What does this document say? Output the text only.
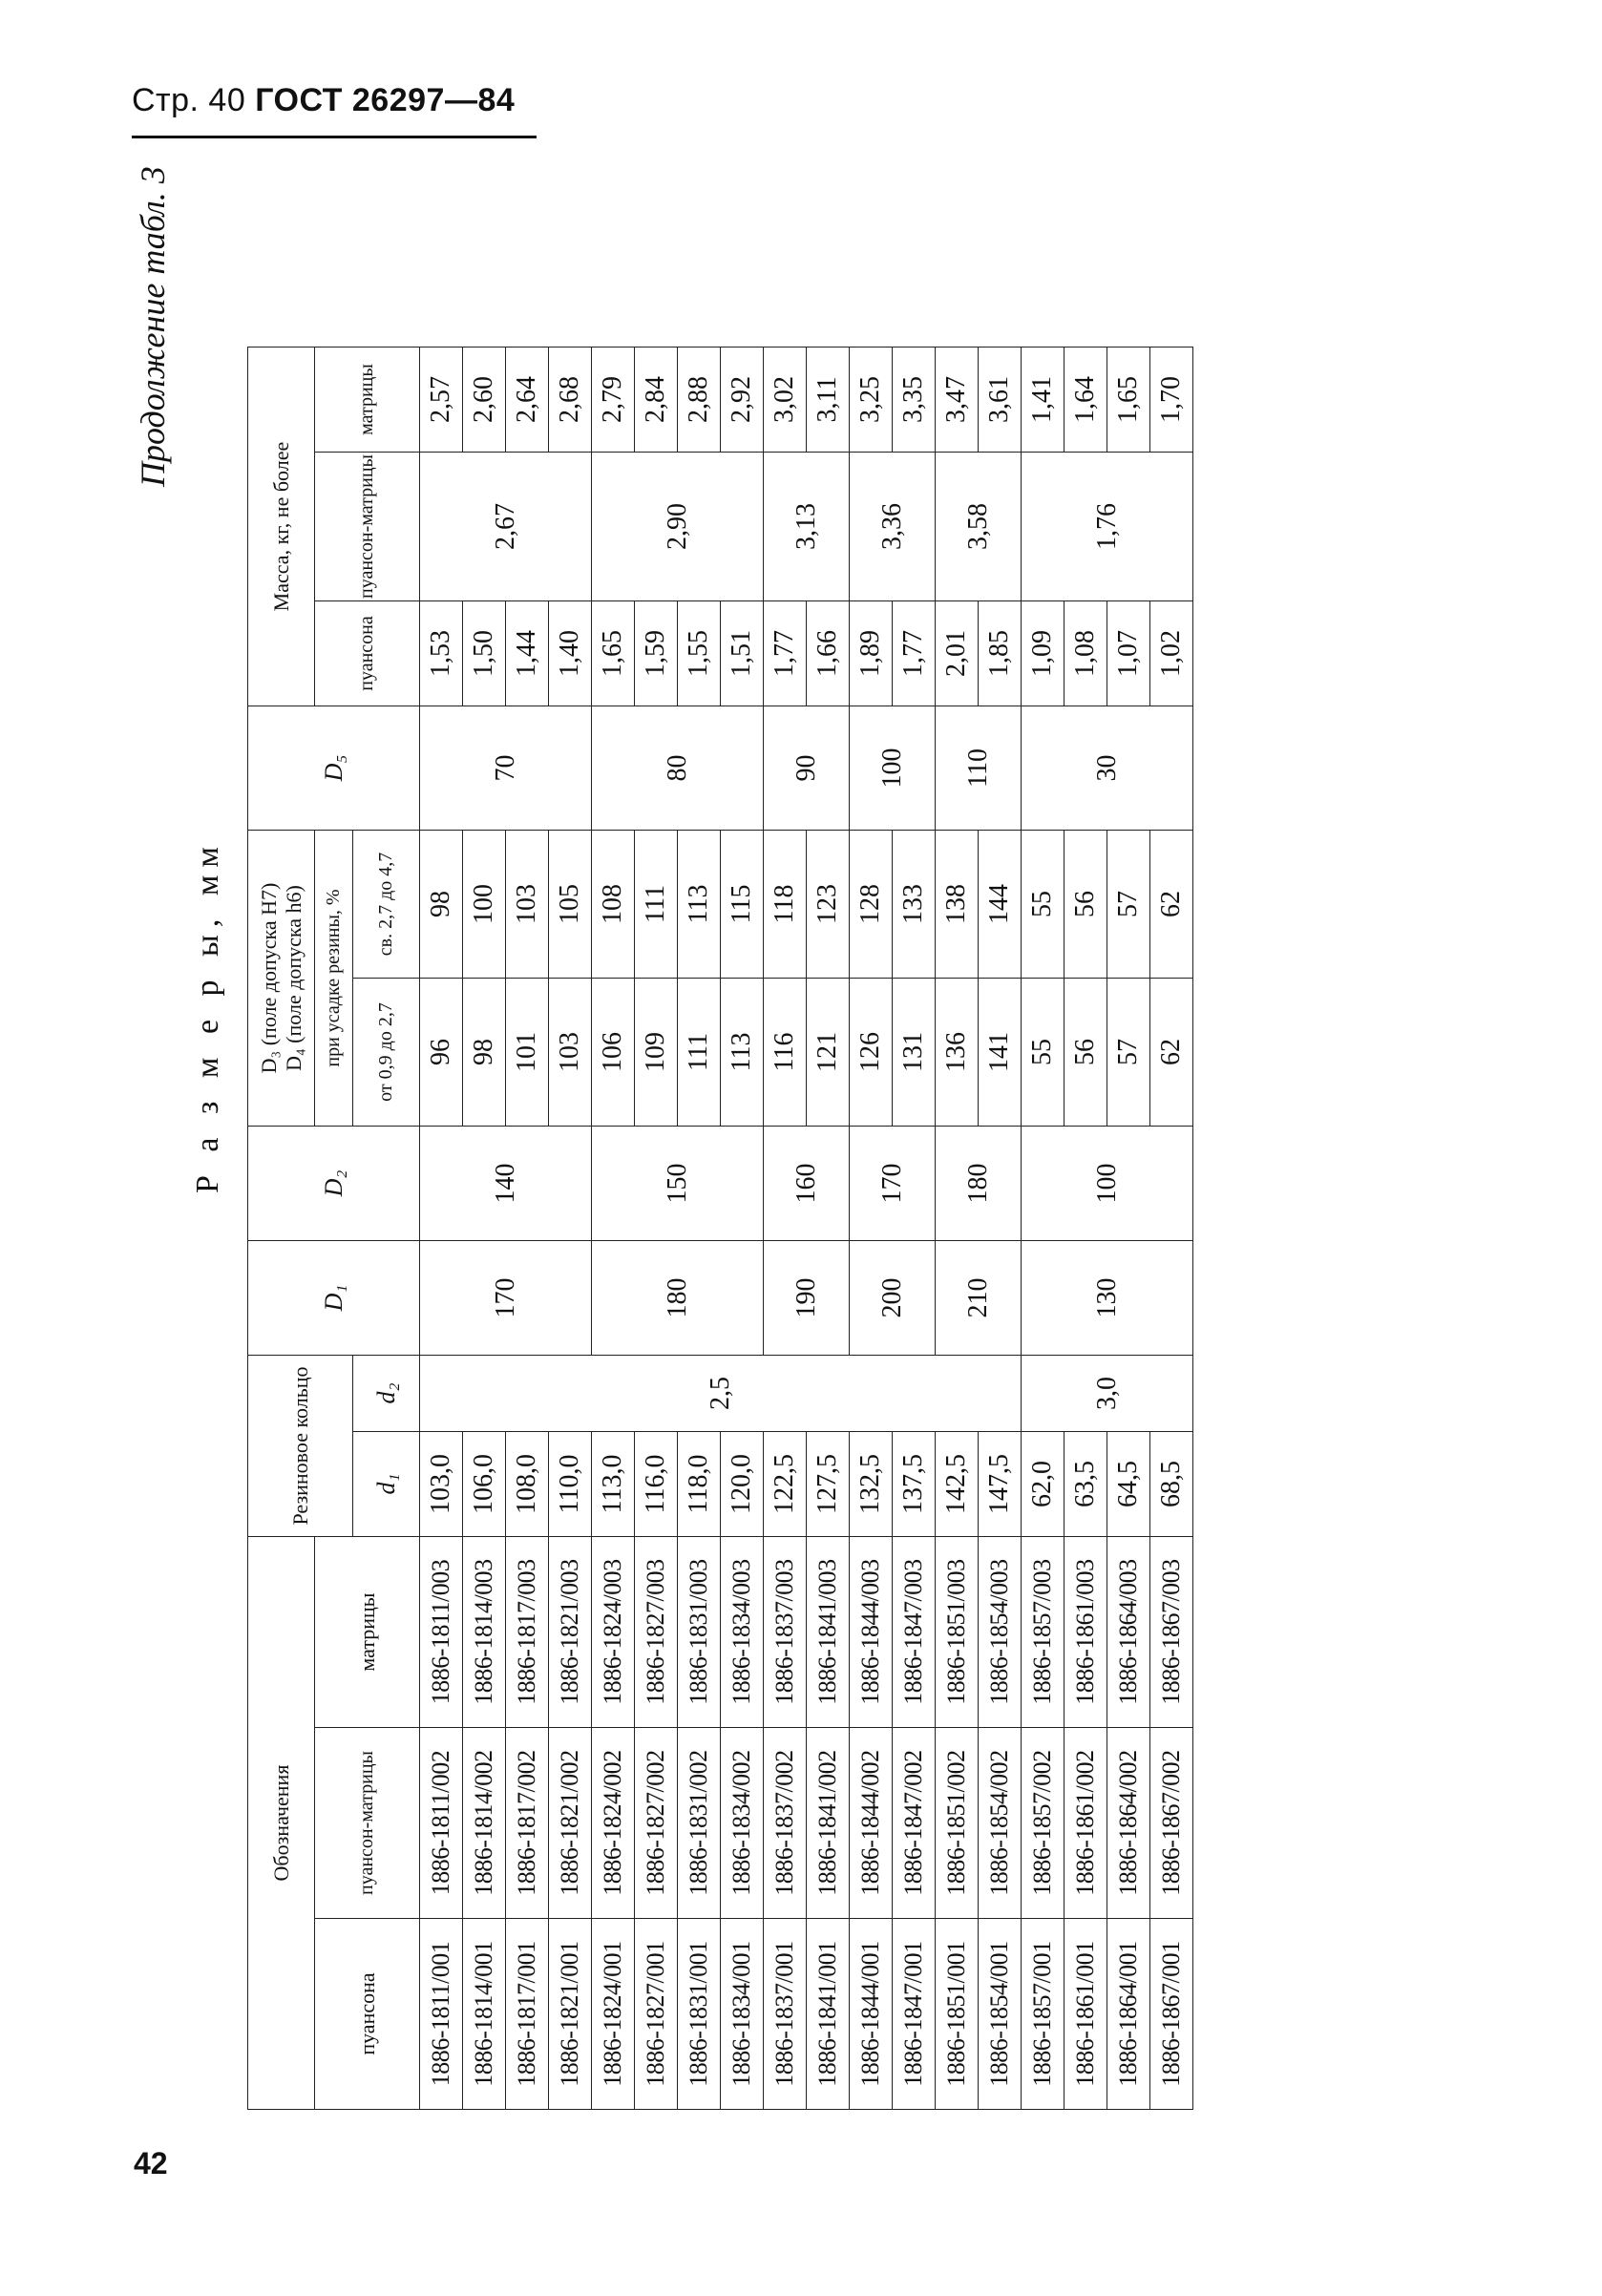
Стр. 40 ГОСТ 26297—84
42
Продолжение табл. 3
Р а з м е р ы, мм
Обозначения			Резиновое кольцо		D₁	D₂	D₃ (поле допуска H7) D₄ (поле допуска h6)		D₅	Масса, кг, не более		
пуансона	пуансон-матрицы	матрицы					при усадке резины, %			пуансона	пуансон-матрицы	матрицы
			d₁	d₂			от 0,9 до 2,7	св. 2,7 до 4,7				
1886-1811/001	1886-1811/002	1886-1811/003	103,0	2,5	170	140	96	98	70	1,53	2,67	2,57
1886-1814/001	1886-1814/002	1886-1814/003	106,0				98	100		1,50		2,60
1886-1817/001	1886-1817/002	1886-1817/003	108,0				101	103		1,44		2,64
1886-1821/001	1886-1821/002	1886-1821/003	110,0				103	105		1,40		2,68
1886-1824/001	1886-1824/002	1886-1824/003	113,0		180	150	106	108	80	1,65	2,90	2,79
1886-1827/001	1886-1827/002	1886-1827/003	116,0				109	111		1,59		2,84
1886-1831/001	1886-1831/002	1886-1831/003	118,0				111	113		1,55		2,88
1886-1834/001	1886-1834/002	1886-1834/003	120,0				113	115		1,51		2,92
1886-1837/001	1886-1837/002	1886-1837/003	122,5		190	160	116	118	90	1,77	3,13	3,02
1886-1841/001	1886-1841/002	1886-1841/003	127,5				121	123		1,66		3,11
1886-1844/001	1886-1844/002	1886-1844/003	132,5		200	170	126	128	100	1,89	3,36	3,25
1886-1847/001	1886-1847/002	1886-1847/003	137,5				131	133		1,77		3,35
1886-1851/001	1886-1851/002	1886-1851/003	142,5		210	180	136	138	110	2,01	3,58	3,47
1886-1854/001	1886-1854/002	1886-1854/003	147,5				141	144		1,85		3,61
1886-1857/001	1886-1857/002	1886-1857/003	62,0	3,0	130	100	55	55	30	1,09	1,76	1,41
1886-1861/001	1886-1861/002	1886-1861/003	63,5				56	56		1,08		1,64
1886-1864/001	1886-1864/002	1886-1864/003	64,5				57	57		1,07		1,65
1886-1867/001	1886-1867/002	1886-1867/003	68,5				62	62		1,02		1,70
